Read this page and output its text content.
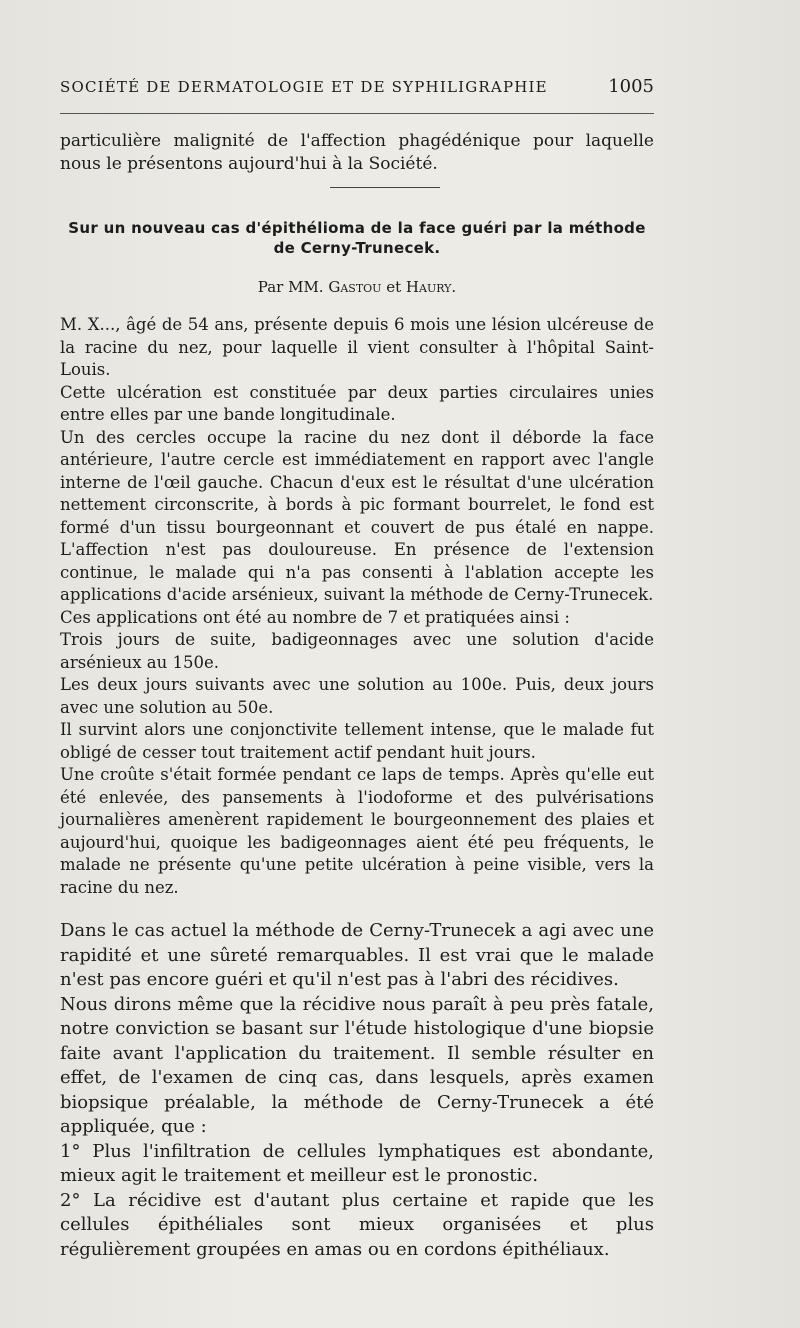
SOCIÉTÉ DE DERMATOLOGIE ET DE SYPHILIGRAPHIE	1005

particulière malignité de l'affection phagédénique pour laquelle nous le présentons aujourd'hui à la Société.

Sur un nouveau cas d'épithélioma de la face guéri par la méthode
de Cerny-Trunecek.
Par MM. Gastou et Haury.

M. X..., âgé de 54 ans, présente depuis 6 mois une lésion ulcéreuse de la racine du nez, pour laquelle il vient consulter à l'hôpital Saint-Louis.

Cette ulcération est constituée par deux parties circulaires unies entre elles par une bande longitudinale.

Un des cercles occupe la racine du nez dont il déborde la face antérieure, l'autre cercle est immédiatement en rapport avec l'angle interne de l'œil gauche. Chacun d'eux est le résultat d'une ulcération nettement circonscrite, à bords à pic formant bourrelet, le fond est formé d'un tissu bourgeonnant et couvert de pus étalé en nappe. L'affection n'est pas douloureuse. En présence de l'extension continue, le malade qui n'a pas consenti à l'ablation accepte les applications d'acide arsénieux, suivant la méthode de Cerny-Trunecek.

Ces applications ont été au nombre de 7 et pratiquées ainsi :

Trois jours de suite, badigeonnages avec une solution d'acide arsénieux au 150e.

Les deux jours suivants avec une solution au 100e. Puis, deux jours avec une solution au 50e.

Il survint alors une conjonctivite tellement intense, que le malade fut obligé de cesser tout traitement actif pendant huit jours.

Une croûte s'était formée pendant ce laps de temps. Après qu'elle eut été enlevée, des pansements à l'iodoforme et des pulvérisations journalières amenèrent rapidement le bourgeonnement des plaies et aujourd'hui, quoique les badigeonnages aient été peu fréquents, le malade ne présente qu'une petite ulcération à peine visible, vers la racine du nez.

Dans le cas actuel la méthode de Cerny-Trunecek a agi avec une rapidité et une sûreté remarquables. Il est vrai que le malade n'est pas encore guéri et qu'il n'est pas à l'abri des récidives.

Nous dirons même que la récidive nous paraît à peu près fatale, notre conviction se basant sur l'étude histologique d'une biopsie faite avant l'application du traitement. Il semble résulter en effet, de l'examen de cinq cas, dans lesquels, après examen biopsique préalable, la méthode de Cerny-Trunecek a été appliquée, que :

1° Plus l'infiltration de cellules lymphatiques est abondante, mieux agit le traitement et meilleur est le pronostic.

2° La récidive est d'autant plus certaine et rapide que les cellules épithéliales sont mieux organisées et plus régulièrement groupées en amas ou en cordons épithéliaux.
